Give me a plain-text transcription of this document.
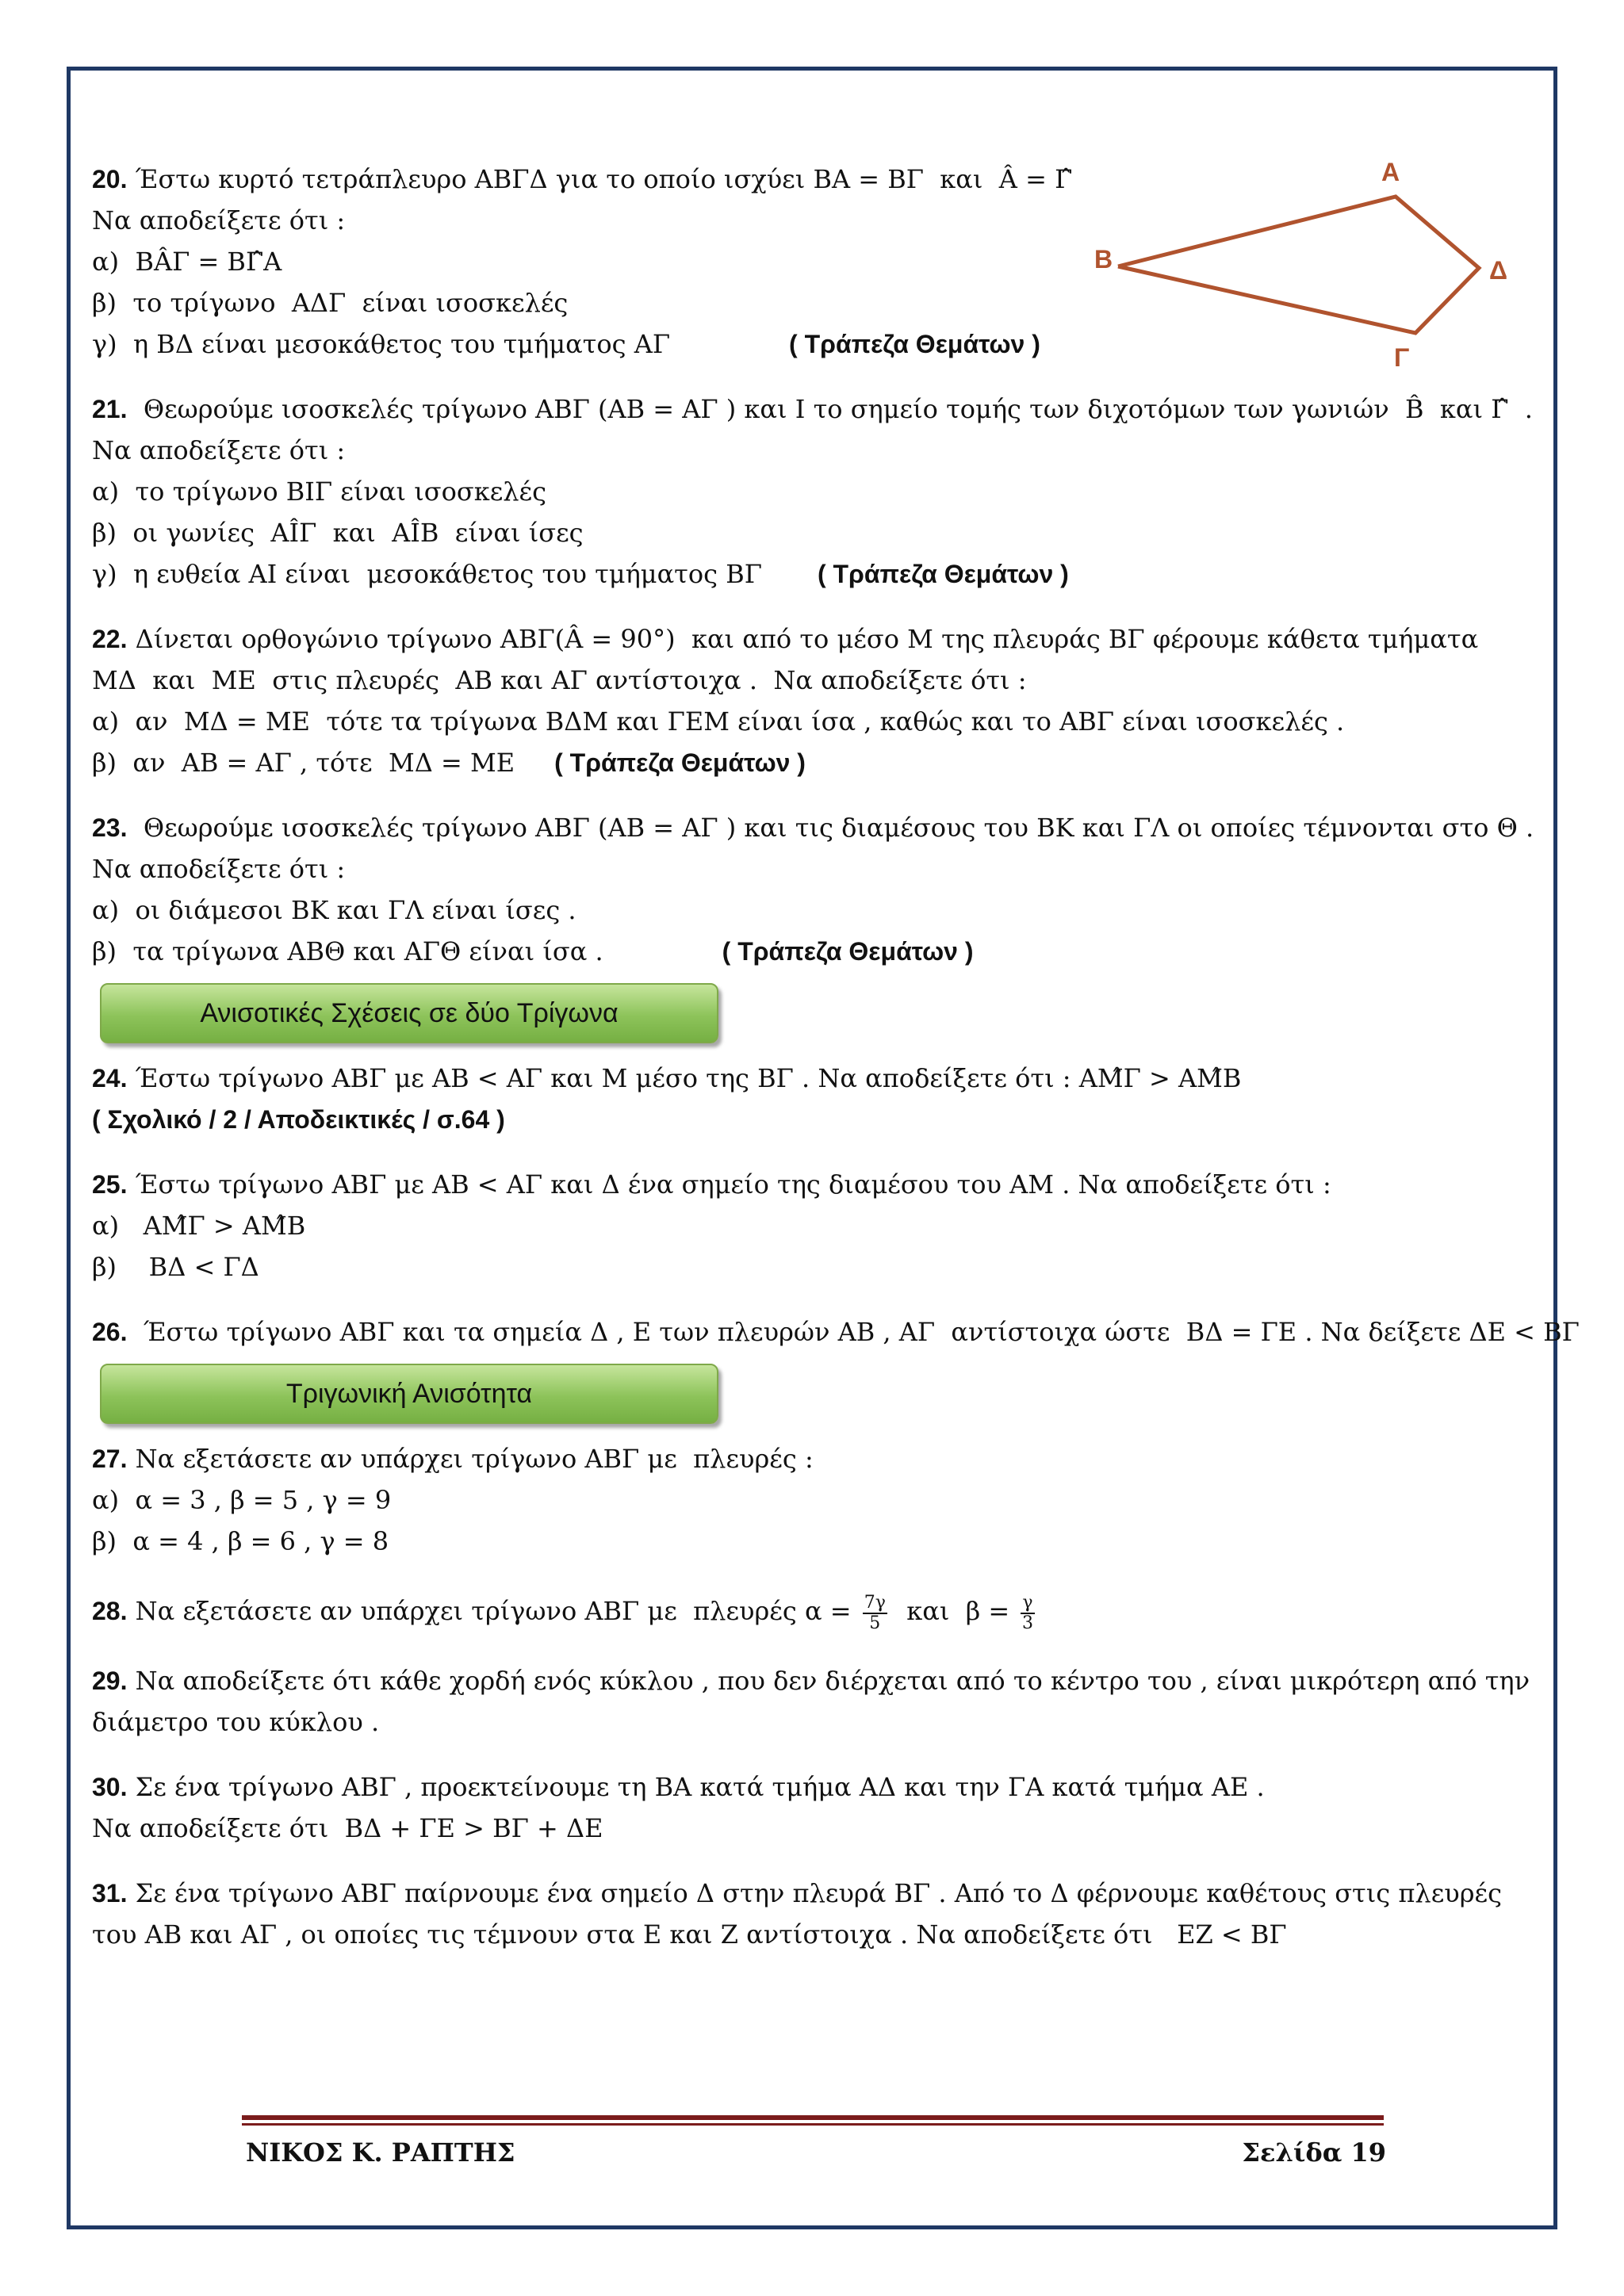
Α
Β	Δ
Γ

20. Έστω κυρτό τετράπλευρο ΑΒΓΔ για το οποίο ισχύει ΒΑ = ΒΓ  και  Â = Γ̂

Να αποδείξετε ότι :

α)  ΒÂΓ = ΒΓ̂Α

β)  το τρίγωνο  ΑΔΓ  είναι ισοσκελές

γ)  η ΒΔ είναι μεσοκάθετος του τμήματος ΑΓ	( Τράπεζα Θεμάτων )

21.  Θεωρούμε ισοσκελές τρίγωνο ΑΒΓ (ΑΒ = ΑΓ ) και Ι το σημείο τομής των διχοτόμων των γωνιών  B̂  και Γ̂  .

Να αποδείξετε ότι :

α)  το τρίγωνο ΒΙΓ είναι ισοσκελές

β)  οι γωνίες  ΑÎΓ  και  ΑÎΒ  είναι ίσες

γ)  η ευθεία ΑΙ είναι  μεσοκάθετος του τμήματος ΒΓ ( Τράπεζα Θεμάτων )

22. Δίνεται ορθογώνιο τρίγωνο ΑΒΓ(Â = 90°)  και από το μέσο Μ της πλευράς ΒΓ φέρουμε κάθετα τμήματα

ΜΔ  και  ΜΕ  στις πλευρές  ΑΒ και ΑΓ αντίστοιχα .  Να αποδείξετε ότι :

α)  αν  ΜΔ = ΜΕ  τότε τα τρίγωνα ΒΔΜ και ΓΕΜ είναι ίσα , καθώς και το ΑΒΓ είναι ισοσκελές .

β)  αν  ΑΒ = ΑΓ , τότε  ΜΔ = ΜΕ ( Τράπεζα Θεμάτων )

23.  Θεωρούμε ισοσκελές τρίγωνο ΑΒΓ (ΑΒ = ΑΓ ) και τις διαμέσους του ΒΚ και ΓΛ οι οποίες τέμνονται στο Θ .

Να αποδείξετε ότι :

α)  οι διάμεσοι ΒΚ και ΓΛ είναι ίσες .

β)  τα τρίγωνα ΑΒΘ και ΑΓΘ είναι ίσα .	( Τράπεζα Θεμάτων )

Ανισοτικές Σχέσεις σε δύο Τρίγωνα

24. Έστω τρίγωνο ΑΒΓ με ΑΒ < ΑΓ και Μ μέσο της ΒΓ . Να αποδείξετε ότι : ΑΜ̂Γ > ΑΜ̂Β

( Σχολικό / 2 / Αποδεικτικές / σ.64 )

25. Έστω τρίγωνο ΑΒΓ με ΑΒ < ΑΓ και Δ ένα σημείο της διαμέσου του ΑΜ . Να αποδείξετε ότι :

α)   ΑΜ̂Γ > ΑΜ̂Β

β)    ΒΔ < ΓΔ

26.  Έστω τρίγωνο ΑΒΓ και τα σημεία Δ , Ε των πλευρών ΑΒ , ΑΓ  αντίστοιχα ώστε  ΒΔ = ΓΕ . Να δείξετε ΔΕ < ΒΓ

Τριγωνική Ανισότητα

27. Να εξετάσετε αν υπάρχει τρίγωνο ΑΒΓ με  πλευρές :

α)  α = 3 , β = 5 , γ = 9

β)  α = 4 , β = 6 , γ = 8

28. Να εξετάσετε αν υπάρχει τρίγωνο ΑΒΓ με  πλευρές $\alpha = \frac{7\gamma}{5}$ και  $\beta = \frac{\gamma}{3}$

29. Να αποδείξετε ότι κάθε χορδή ενός κύκλου , που δεν διέρχεται από το κέντρο του , είναι μικρότερη από την

διάμετρο του κύκλου .

30. Σε ένα τρίγωνο ΑΒΓ , προεκτείνουμε τη ΒΑ κατά τμήμα ΑΔ και την ΓΑ κατά τμήμα ΑΕ .

Να αποδείξετε ότι  ΒΔ + ΓΕ > ΒΓ + ΔΕ

31. Σε ένα τρίγωνο ΑΒΓ παίρνουμε ένα σημείο Δ στην πλευρά ΒΓ . Από το Δ φέρνουμε καθέτους στις πλευρές

του ΑΒ και ΑΓ , οι οποίες τις τέμνουν στα Ε και Ζ αντίστοιχα . Να αποδείξετε ότι   ΕΖ < ΒΓ

ΝΙΚΟΣ Κ. ΡΑΠΤΗΣ	Σελίδα 19
